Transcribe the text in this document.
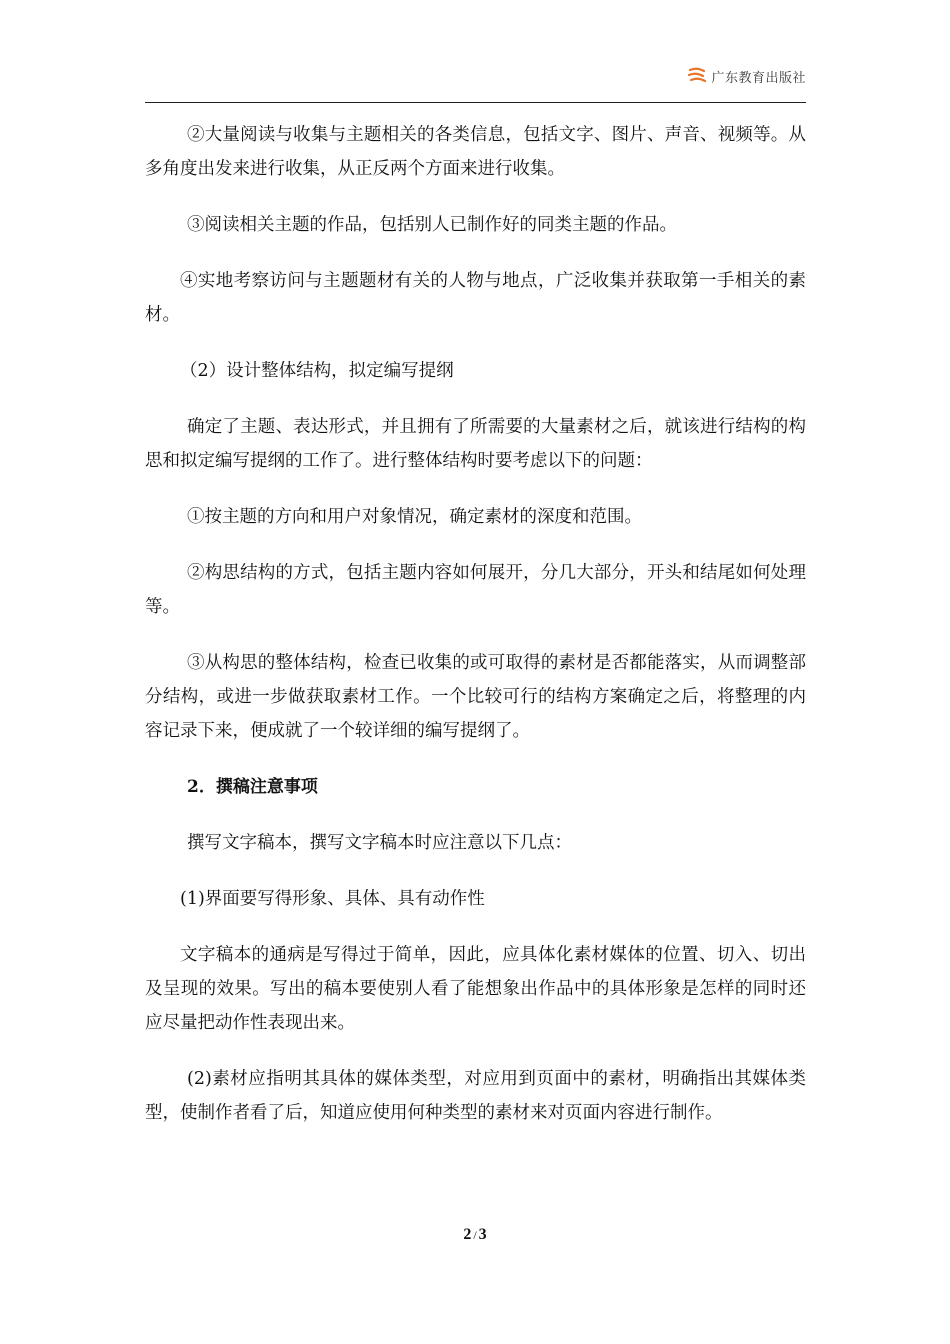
广东教育出版社

②大量阅读与收集与主题相关的各类信息，包括文字、图片、声音、视频等。从多角度出发来进行收集，从正反两个方面来进行收集。

③阅读相关主题的作品，包括别人已制作好的同类主题的作品。

④实地考察访问与主题题材有关的人物与地点，广泛收集并获取第一手相关的素材。

（2）设计整体结构，拟定编写提纲

确定了主题、表达形式，并且拥有了所需要的大量素材之后，就该进行结构的构思和拟定编写提纲的工作了。进行整体结构时要考虑以下的问题：

①按主题的方向和用户对象情况，确定素材的深度和范围。

②构思结构的方式，包括主题内容如何展开，分几大部分，开头和结尾如何处理等。

③从构思的整体结构，检查已收集的或可取得的素材是否都能落实，从而调整部分结构，或进一步做获取素材工作。一个比较可行的结构方案确定之后，将整理的内容记录下来，便成就了一个较详细的编写提纲了。

2．撰稿注意事项

撰写文字稿本，撰写文字稿本时应注意以下几点：

(1)界面要写得形象、具体、具有动作性

文字稿本的通病是写得过于简单，因此，应具体化素材媒体的位置、切入、切出及呈现的效果。写出的稿本要使别人看了能想象出作品中的具体形象是怎样的同时还应尽量把动作性表现出来。

(2)素材应指明其具体的媒体类型，对应用到页面中的素材，明确指出其媒体类型，使制作者看了后，知道应使用何种类型的素材来对页面内容进行制作。

2 / 3
